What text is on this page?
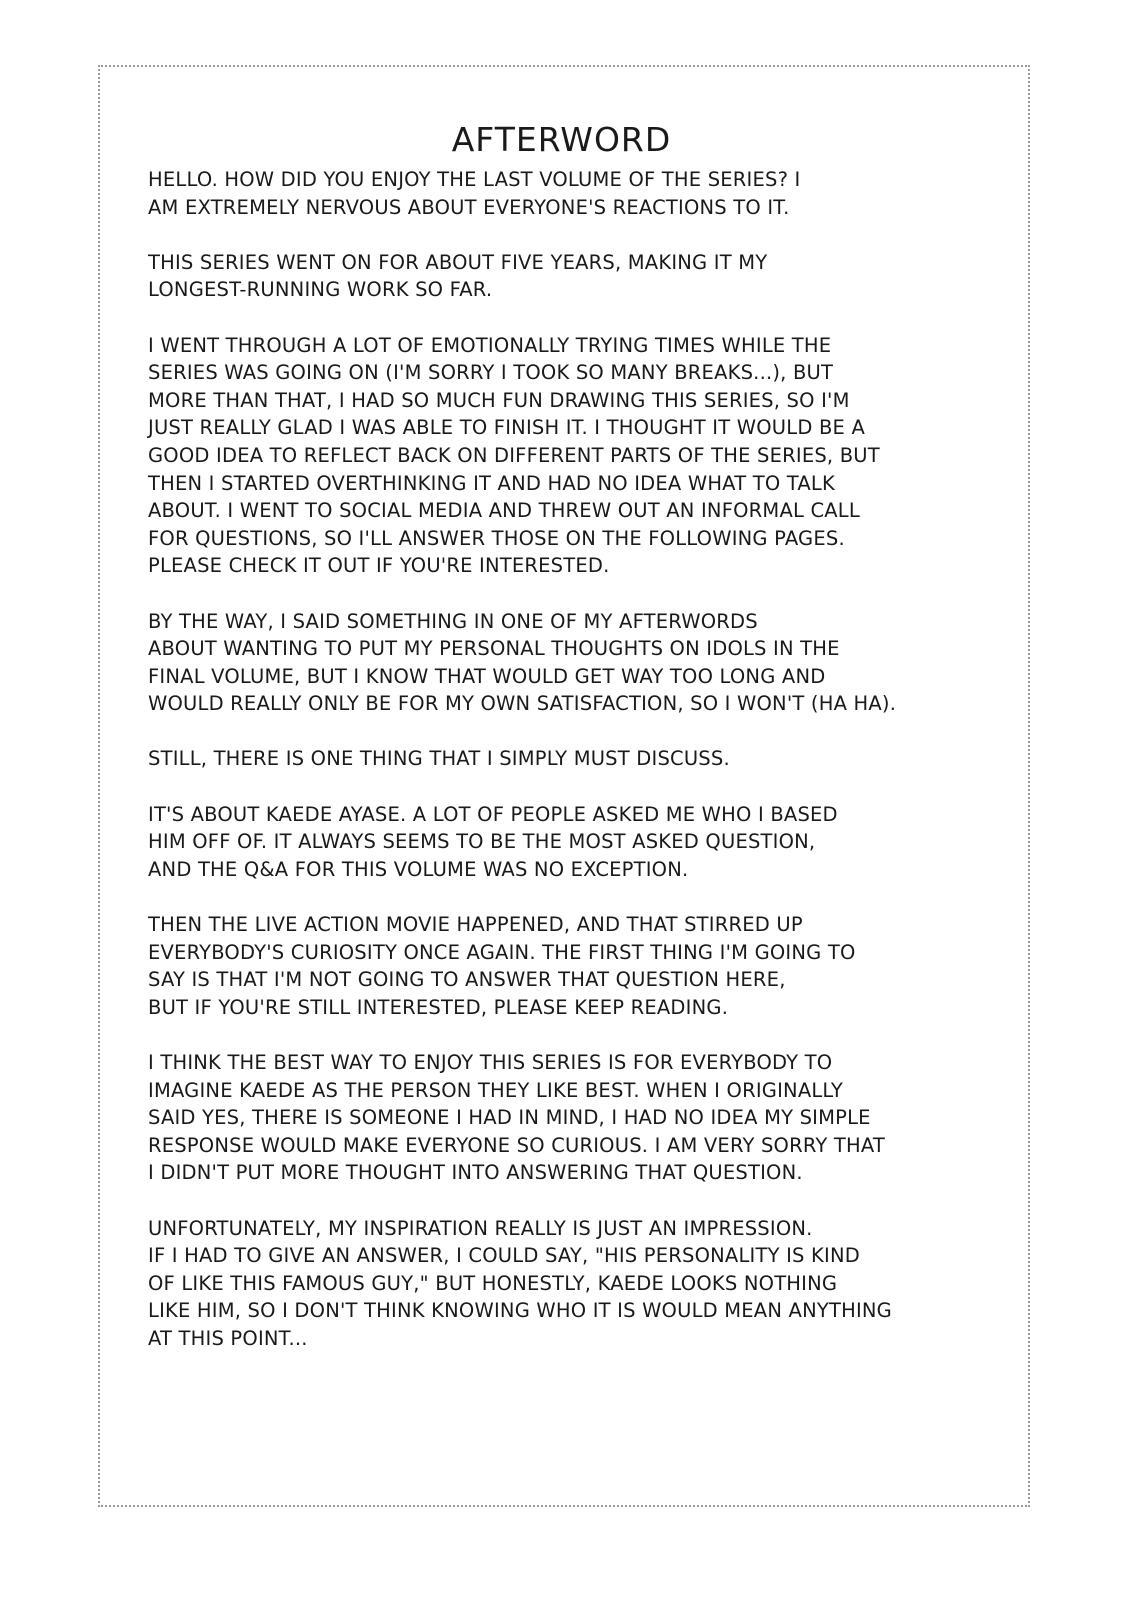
AFTERWORD

HELLO. HOW DID YOU ENJOY THE LAST VOLUME OF THE SERIES? I
AM EXTREMELY NERVOUS ABOUT EVERYONE'S REACTIONS TO IT.

THIS SERIES WENT ON FOR ABOUT FIVE YEARS, MAKING IT MY
LONGEST-RUNNING WORK SO FAR.

I WENT THROUGH A LOT OF EMOTIONALLY TRYING TIMES WHILE THE
SERIES WAS GOING ON (I'M SORRY I TOOK SO MANY BREAKS...), BUT
MORE THAN THAT, I HAD SO MUCH FUN DRAWING THIS SERIES, SO I'M
JUST REALLY GLAD I WAS ABLE TO FINISH IT. I THOUGHT IT WOULD BE A
GOOD IDEA TO REFLECT BACK ON DIFFERENT PARTS OF THE SERIES, BUT
THEN I STARTED OVERTHINKING IT AND HAD NO IDEA WHAT TO TALK
ABOUT. I WENT TO SOCIAL MEDIA AND THREW OUT AN INFORMAL CALL
FOR QUESTIONS, SO I'LL ANSWER THOSE ON THE FOLLOWING PAGES.
PLEASE CHECK IT OUT IF YOU'RE INTERESTED.

BY THE WAY, I SAID SOMETHING IN ONE OF MY AFTERWORDS
ABOUT WANTING TO PUT MY PERSONAL THOUGHTS ON IDOLS IN THE
FINAL VOLUME, BUT I KNOW THAT WOULD GET WAY TOO LONG AND
WOULD REALLY ONLY BE FOR MY OWN SATISFACTION, SO I WON'T (HA HA).

STILL, THERE IS ONE THING THAT I SIMPLY MUST DISCUSS.

IT'S ABOUT KAEDE AYASE. A LOT OF PEOPLE ASKED ME WHO I BASED
HIM OFF OF. IT ALWAYS SEEMS TO BE THE MOST ASKED QUESTION,
AND THE Q&A FOR THIS VOLUME WAS NO EXCEPTION.

THEN THE LIVE ACTION MOVIE HAPPENED, AND THAT STIRRED UP
EVERYBODY'S CURIOSITY ONCE AGAIN. THE FIRST THING I'M GOING TO
SAY IS THAT I'M NOT GOING TO ANSWER THAT QUESTION HERE,
BUT IF YOU'RE STILL INTERESTED, PLEASE KEEP READING.

I THINK THE BEST WAY TO ENJOY THIS SERIES IS FOR EVERYBODY TO
IMAGINE KAEDE AS THE PERSON THEY LIKE BEST. WHEN I ORIGINALLY
SAID YES, THERE IS SOMEONE I HAD IN MIND, I HAD NO IDEA MY SIMPLE
RESPONSE WOULD MAKE EVERYONE SO CURIOUS. I AM VERY SORRY THAT
I DIDN'T PUT MORE THOUGHT INTO ANSWERING THAT QUESTION.

UNFORTUNATELY, MY INSPIRATION REALLY IS JUST AN IMPRESSION.
IF I HAD TO GIVE AN ANSWER, I COULD SAY, "HIS PERSONALITY IS KIND
OF LIKE THIS FAMOUS GUY," BUT HONESTLY, KAEDE LOOKS NOTHING
LIKE HIM, SO I DON'T THINK KNOWING WHO IT IS WOULD MEAN ANYTHING
AT THIS POINT...
